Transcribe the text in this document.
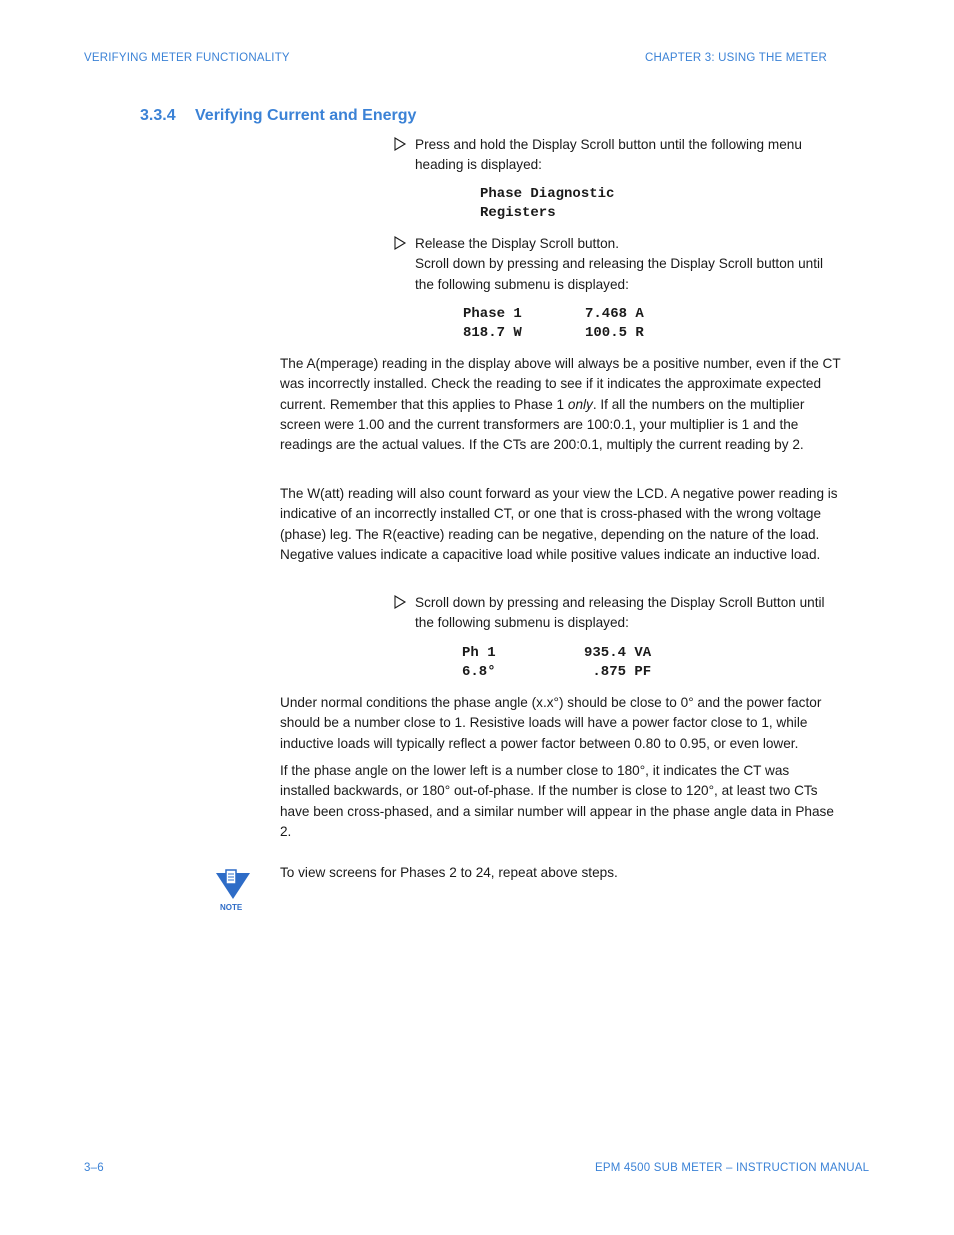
VERIFYING METER FUNCTIONALITY	CHAPTER 3: USING THE METER
3.3.4 Verifying Current and Energy
Press and hold the Display Scroll button until the following menu heading is displayed:
Phase Diagnostic
Registers
Release the Display Scroll button.
Scroll down by pressing and releasing the Display Scroll button until the following submenu is displayed:
Phase 1	7.468 A
818.7 W	100.5 R

The A(mperage) reading in the display above will always be a positive number, even if the CT was incorrectly installed. Check the reading to see if it indicates the approximate expected current. Remember that this applies to Phase 1 only. If all the numbers on the multiplier screen were 1.00 and the current transformers are 100:0.1, your multiplier is 1 and the readings are the actual values. If the CTs are 200:0.1, multiply the current reading by 2.

The W(att) reading will also count forward as your view the LCD. A negative power reading is indicative of an incorrectly installed CT, or one that is cross-phased with the wrong voltage (phase) leg. The R(eactive) reading can be negative, depending on the nature of the load. Negative values indicate a capacitive load while positive values indicate an inductive load.

Scroll down by pressing and releasing the Display Scroll Button until the following submenu is displayed:
Ph 1	935.4 VA
6.8°	.875 PF

Under normal conditions the phase angle (x.x°) should be close to 0° and the power factor should be a number close to 1. Resistive loads will have a power factor close to 1, while inductive loads will typically reflect a power factor between 0.80 to 0.95, or even lower.

If the phase angle on the lower left is a number close to 180°, it indicates the CT was installed backwards, or 180° out-of-phase. If the number is close to 120°, at least two CTs have been cross-phased, and a similar number will appear in the phase angle data in Phase 2.

NOTE

To view screens for Phases 2 to 24, repeat above steps.

3–6	EPM 4500 SUB METER – INSTRUCTION MANUAL
